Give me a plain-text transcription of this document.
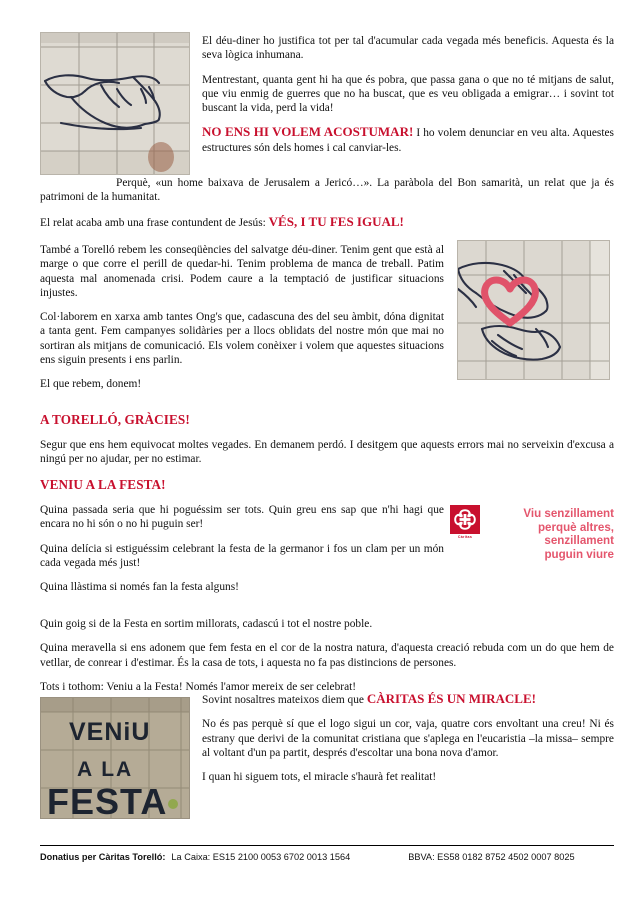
El déu-diner ho justifica tot per tal d'acumular cada vegada més beneficis. Aquesta és la seva lògica inhumana.

Mentrestant, quanta gent hi ha que és pobra, que passa gana o que no té mitjans de salut, que viu enmig de guerres que no ha buscat, que es veu obligada a emigrar… i sovint tot buscant la vida, perd la vida!

NO ENS HI VOLEM ACOSTUMAR! I ho volem denunciar en veu alta. Aquestes estructures són dels homes i cal canviar-les.

Perquè, «un home baixava de Jerusalem a Jericó…». La paràbola del Bon samarità, un relat que ja és patrimoni de la humanitat.

El relat acaba amb una frase contundent de Jesús: VÉS, I TU FES IGUAL!

També a Torelló rebem les conseqüències del salvatge déu-diner. Tenim gent que està al marge o que corre el perill de quedar-hi. Tenim problema de manca de treball. Patim aquesta mal anomenada crisi. Podem caure a la temptació de justificar situacions injustes.

Col·laborem en xarxa amb tantes Ong's que, cadascuna des del seu àmbit, dóna dignitat a tanta gent. Fem campanyes solidàries per a llocs oblidats del nostre món que mai no sortiran als mitjans de comunicació. Els volem conèixer i volem que aquestes situacions ens siguin presents i ens parlin.

El que rebem, donem!

A TORELLÓ, GRÀCIES!

Segur que ens hem equivocat moltes vegades. En demanem perdó. I desitgem que aquests errors mai no serveixin d'excusa a ningú per no ajudar, per no estimar.

VENIU A LA FESTA!

Quina passada seria que hi poguéssim ser tots. Quin greu ens sap que n'hi hagi que encara no hi són o no hi puguin ser!

Quina delícia si estiguéssim celebrant la festa de la germanor i fos un clam per un món cada vegada més just!

Quina llàstima si només fan la festa alguns!

Càritas
Viu senzillament
perquè altres,
senzillament
puguin viure

Quin goig si de la Festa en sortim millorats, cadascú i tot el nostre poble.

Quina meravella si ens adonem que fem festa en el cor de la nostra natura, d'aquesta creació rebuda com un do que hem de vetllar, de conrear i d'estimar. És la casa de tots, i aquesta no fa pas distincions de persones.

Tots i tothom: Veniu a la Festa! Només l'amor mereix de ser celebrat!

VENiU
A LA
FESTA

Sovint nosaltres mateixos diem que CÀRITAS ÉS UN MIRACLE!

No és pas perquè sí que el logo sigui un cor, vaja, quatre cors envoltant una creu! Ni és estrany que derivi de la comunitat cristiana que s'aplega en l'eucaristia –la missa– sempre al voltant d'un pa partit, després d'escoltar una bona nova d'amor.

I quan hi siguem tots, el miracle s'haurà fet realitat!

Donatius per Càritas Torelló: La Caixa: ES15 2100 0053 6702 0013 1564	BBVA: ES58 0182 8752 4502 0007 8025
